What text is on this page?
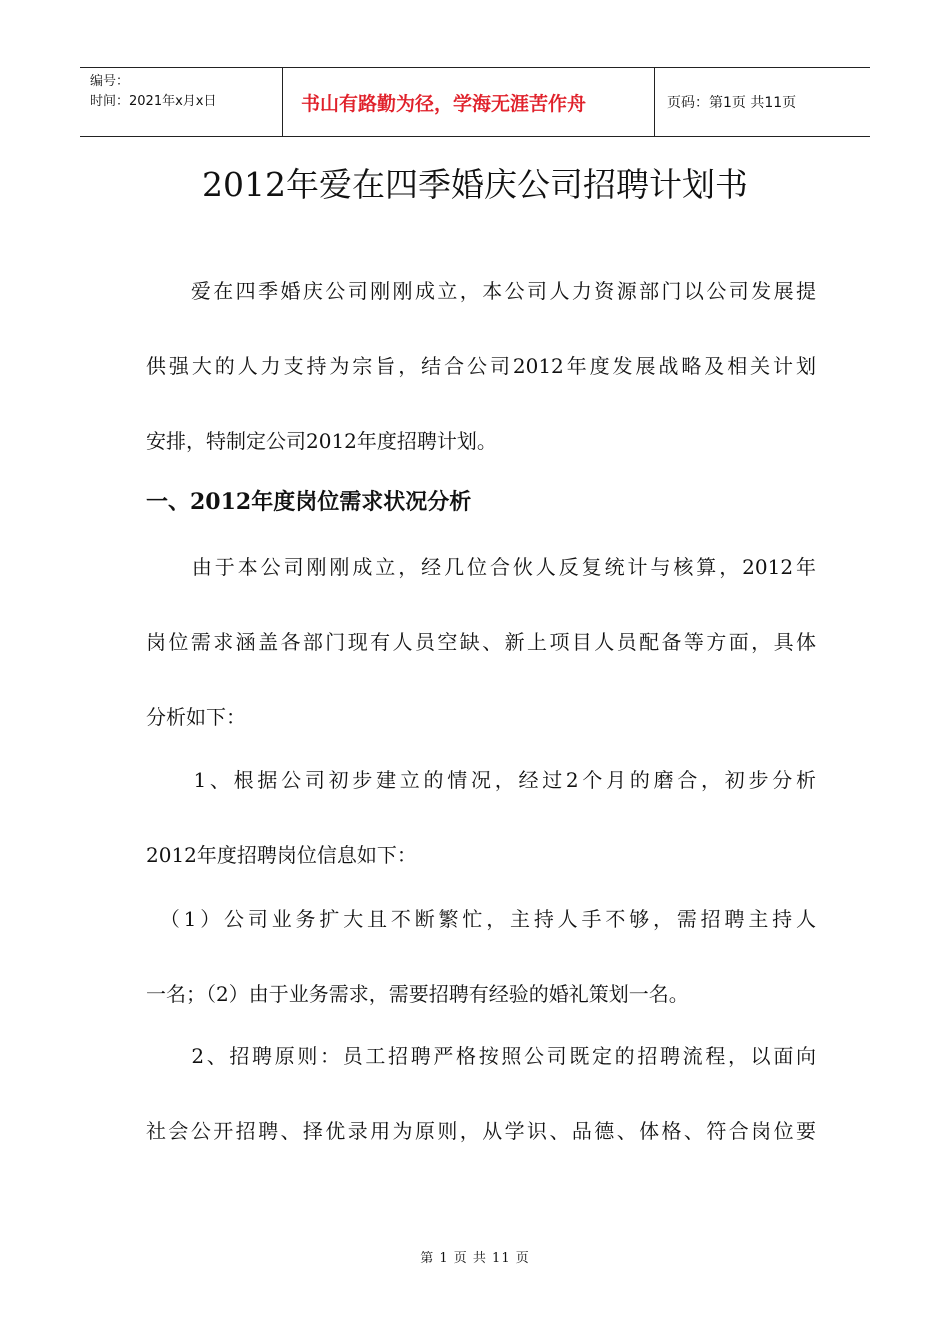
编号：
时间：2021年x月x日	书山有路勤为径，学海无涯苦作舟	页码：第1页 共11页
2012年爱在四季婚庆公司招聘计划书
　　爱在四季婚庆公司刚刚成立，本公司人力资源部门以公司发展提
供强大的人力支持为宗旨，结合公司2012年度发展战略及相关计划
安排，特制定公司2012年度招聘计划。
一、2012年度岗位需求状况分析
　　由于本公司刚刚成立，经几位合伙人反复统计与核算，2012年
岗位需求涵盖各部门现有人员空缺、新上项目人员配备等方面，具体
分析如下：
　　1、根据公司初步建立的情况，经过2个月的磨合，初步分析
2012年度招聘岗位信息如下：
　（1）公司业务扩大且不断繁忙，主持人手不够，需招聘主持人
一名；（2）由于业务需求，需要招聘有经验的婚礼策划一名。
　　2、招聘原则：员工招聘严格按照公司既定的招聘流程，以面向
社会公开招聘、择优录用为原则，从学识、品德、体格、符合岗位要
第 1 页 共 11 页
